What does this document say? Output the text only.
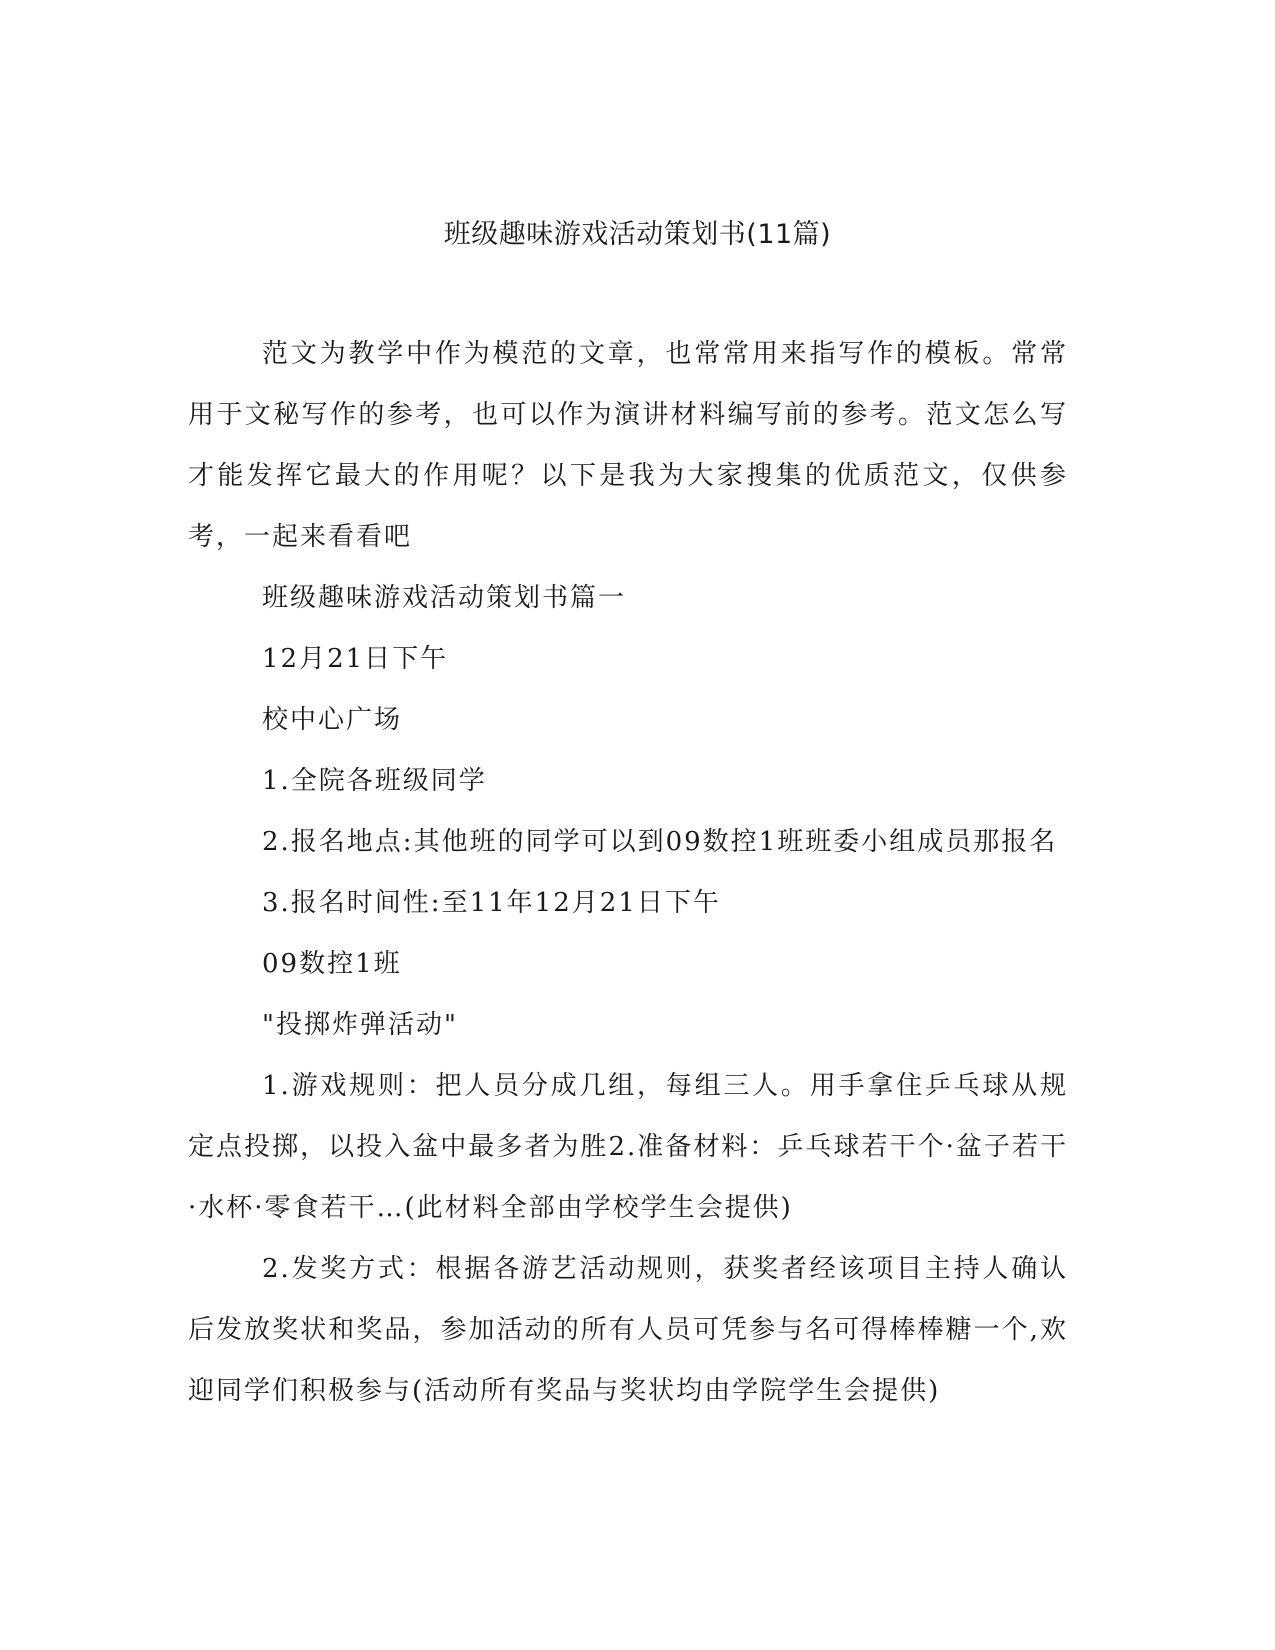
班级趣味游戏活动策划书(11篇)

范文为教学中作为模范的文章，也常常用来指写作的模板。常常用于文秘写作的参考，也可以作为演讲材料编写前的参考。范文怎么写才能发挥它最大的作用呢？以下是我为大家搜集的优质范文，仅供参考，一起来看看吧

班级趣味游戏活动策划书篇一

12月21日下午

校中心广场

1.全院各班级同学

2.报名地点:其他班的同学可以到09数控1班班委小组成员那报名

3.报名时间性:至11年12月21日下午

09数控1班

"投掷炸弹活动"

1.游戏规则：把人员分成几组，每组三人。用手拿住乒乓球从规定点投掷，以投入盆中最多者为胜2.准备材料：乒乓球若干个·盆子若干·水杯·零食若干…(此材料全部由学校学生会提供)

2.发奖方式：根据各游艺活动规则，获奖者经该项目主持人确认后发放奖状和奖品，参加活动的所有人员可凭参与名可得棒棒糖一个,欢迎同学们积极参与(活动所有奖品与奖状均由学院学生会提供)
